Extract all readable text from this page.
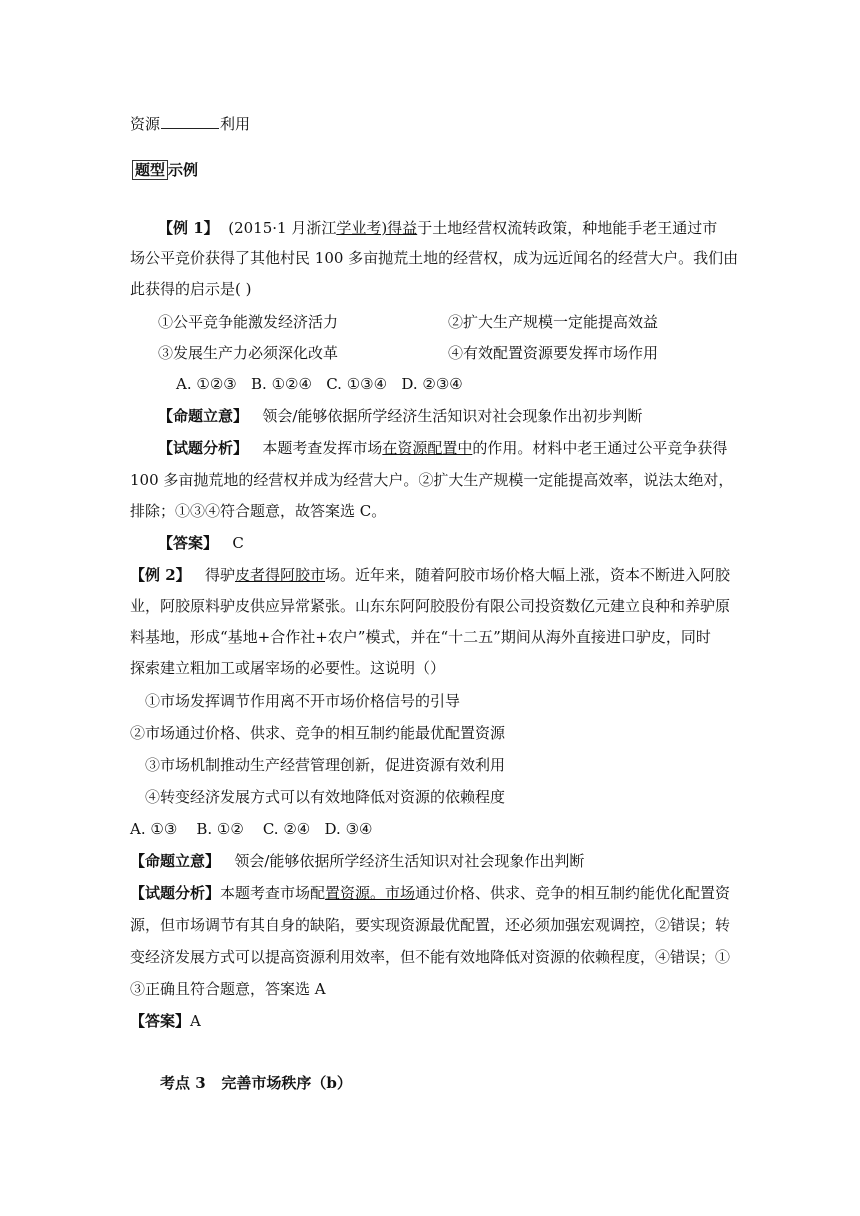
资源	利用
题型 示例
【例 1】 (2015·1 月浙江学业考)得益于土地经营权流转政策，种地能手老王通过市
场公平竞价获得了其他村民 100 多亩抛荒土地的经营权，成为远近闻名的经营大户。我们由
此获得的启示是( )
①公平竞争能激发经济活力	②扩大生产规模一定能提高效益
③发展生产力必须深化改革	④有效配置资源要发挥市场作用
A. ①②③   B. ①②④   C. ①③④   D. ②③④
【命题立意】 领会/能够依据所学经济生活知识对社会现象作出初步判断
【试题分析】 本题考查发挥市场在资源配置中的作用。材料中老王通过公平竞争获得
100 多亩抛荒地的经营权并成为经营大户。②扩大生产规模一定能提高效率，说法太绝对，
排除；①③④符合题意，故答案选 C。
【答案】 C
【例 2】 得驴皮者得阿胶市场。近年来，随着阿胶市场价格大幅上涨，资本不断进入阿胶
业，阿胶原料驴皮供应异常紧张。山东东阿阿胶股份有限公司投资数亿元建立良种和养驴原
料基地，形成“基地+合作社+农户”模式，并在“十二五”期间从海外直接进口驴皮，同时
探索建立粗加工或屠宰场的必要性。这说明（）
①市场发挥调节作用离不开市场价格信号的引导
②市场通过价格、供求、竞争的相互制约能最优配置资源
③市场机制推动生产经营管理创新，促进资源有效利用
④转变经济发展方式可以有效地降低对资源的依赖程度
A. ①③    B. ①②    C. ②④   D. ③④
【命题立意】 领会/能够依据所学经济生活知识对社会现象作出判断
【试题分析】本题考查市场配置资源。市场通过价格、供求、竞争的相互制约能优化配置资
源，但市场调节有其自身的缺陷，要实现资源最优配置，还必须加强宏观调控，②错误；转
变经济发展方式可以提高资源利用效率，但不能有效地降低对资源的依赖程度，④错误；①
③正确且符合题意，答案选 A
【答案】A
考点 3   完善市场秩序（b）
